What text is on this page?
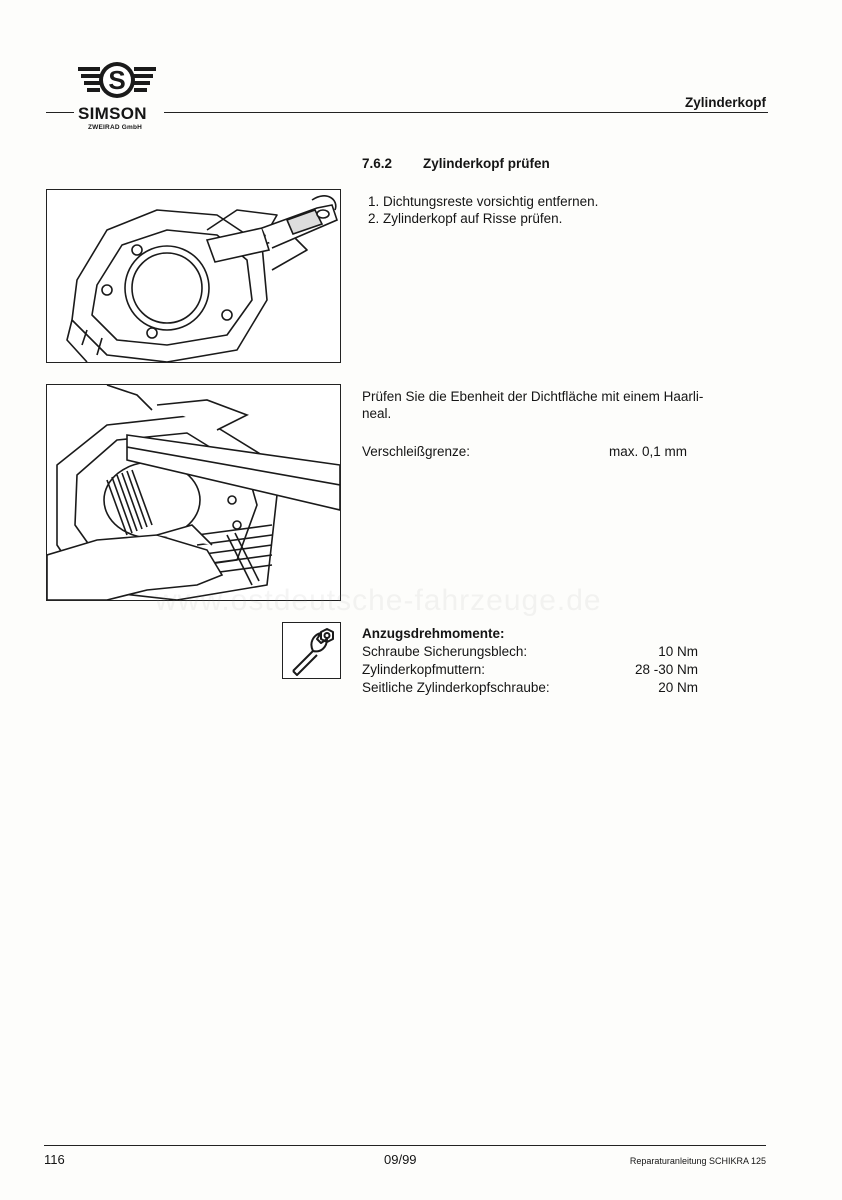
S
SIMSON
ZWEIRAD GmbH
Zylinderkopf
7.6.2 Zylinderkopf prüfen
1. Dichtungsreste vorsichtig entfernen.
2. Zylinderkopf auf Risse prüfen.
Prüfen Sie die Ebenheit der Dichtfläche mit einem Haarli-
neal.
Verschleißgrenze:	max. 0,1 mm
www.ostdeutsche-fahrzeuge.de
Anzugsdrehmomente:
Schraube Sicherungsblech:	10 Nm
Zylinderkopfmuttern:	28 -30 Nm
Seitliche Zylinderkopfschraube:	20 Nm
116	09/99	Reparaturanleitung SCHIKRA 125
